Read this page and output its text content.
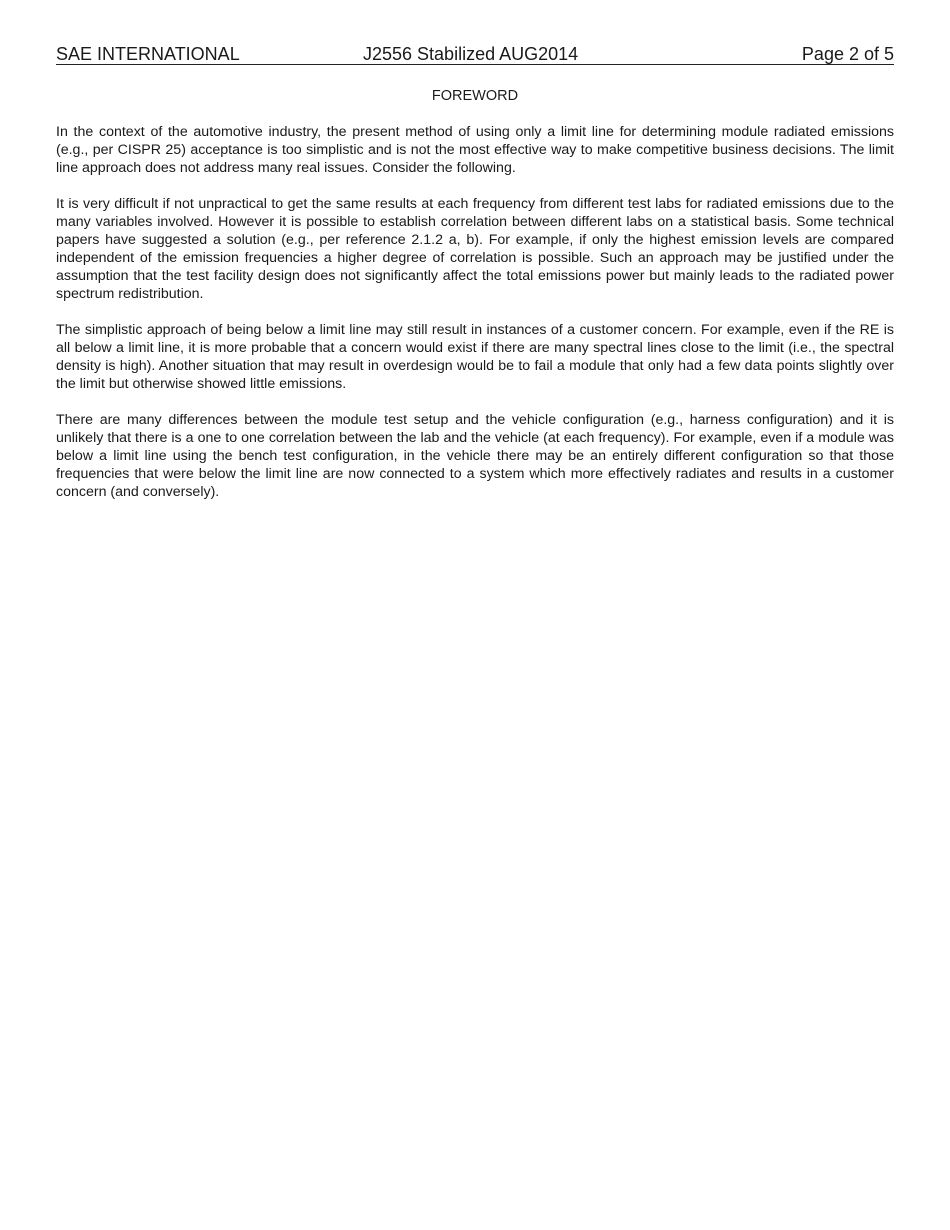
SAE INTERNATIONAL	J2556 Stabilized AUG2014	Page 2 of 5
FOREWORD

In the context of the automotive industry, the present method of using only a limit line for determining module radiated emissions (e.g., per CISPR 25) acceptance is too simplistic and is not the most effective way to make competitive business decisions. The limit line approach does not address many real issues. Consider the following.

It is very difficult if not unpractical to get the same results at each frequency from different test labs for radiated emissions due to the many variables involved. However it is possible to establish correlation between different labs on a statistical basis. Some technical papers have suggested a solution (e.g., per reference 2.1.2 a, b). For example, if only the highest emission levels are compared independent of the emission frequencies a higher degree of correlation is possible. Such an approach may be justified under the assumption that the test facility design does not significantly affect the total emissions power but mainly leads to the radiated power spectrum redistribution.

The simplistic approach of being below a limit line may still result in instances of a customer concern. For example, even if the RE is all below a limit line, it is more probable that a concern would exist if there are many spectral lines close to the limit (i.e., the spectral density is high). Another situation that may result in overdesign would be to fail a module that only had a few data points slightly over the limit but otherwise showed little emissions.

There are many differences between the module test setup and the vehicle configuration (e.g., harness configuration) and it is unlikely that there is a one to one correlation between the lab and the vehicle (at each frequency). For example, even if a module was below a limit line using the bench test configuration, in the vehicle there may be an entirely different configuration so that those frequencies that were below the limit line are now connected to a system which more effectively radiates and results in a customer concern (and conversely).
